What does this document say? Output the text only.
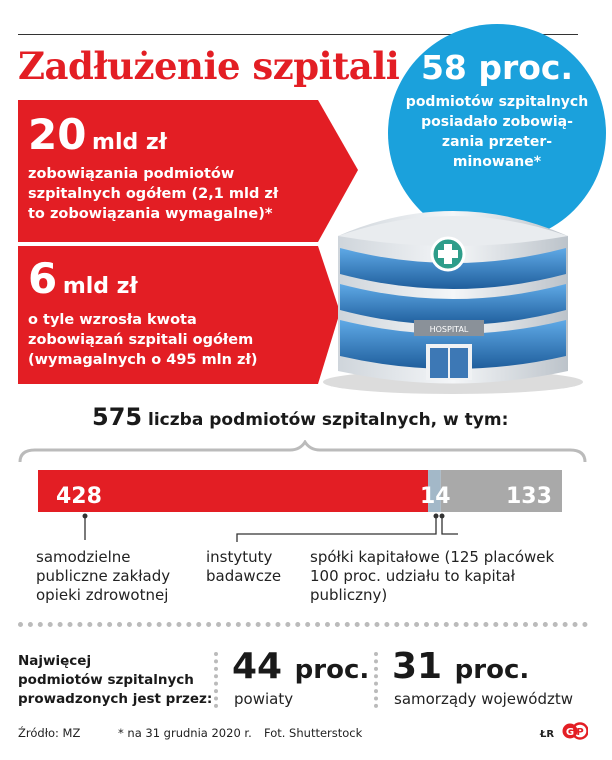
Zadłużenie szpitali
20 mld zł
zobowiązania podmiotów
szpitalnych ogółem (2,1 mld zł
to zobowiązania wymagalne)*
6 mld zł
o tyle wzrosła kwota
zobowiązań szpitali ogółem
(wymagalnych o 495 mln zł)
58 proc.
podmiotów szpitalnych
posiadało zobowią-
zania przeter-
minowane*
HOSPITAL
575 liczba podmiotów szpitalnych, w tym:
428	14	133
samodzielne
publiczne zakłady
opieki zdrowotnej
instytuty
badawcze
spółki kapitałowe (125 placówek
100 proc. udziału to kapitał
publiczny)
Najwięcej
podmiotów szpitalnych
prowadzonych jest przez:
44 proc.
powiaty
31 proc.
samorządy województw
Źródło: MZ	* na 31 grudnia 2020 r. Fot. Shutterstock	ŁR G P
